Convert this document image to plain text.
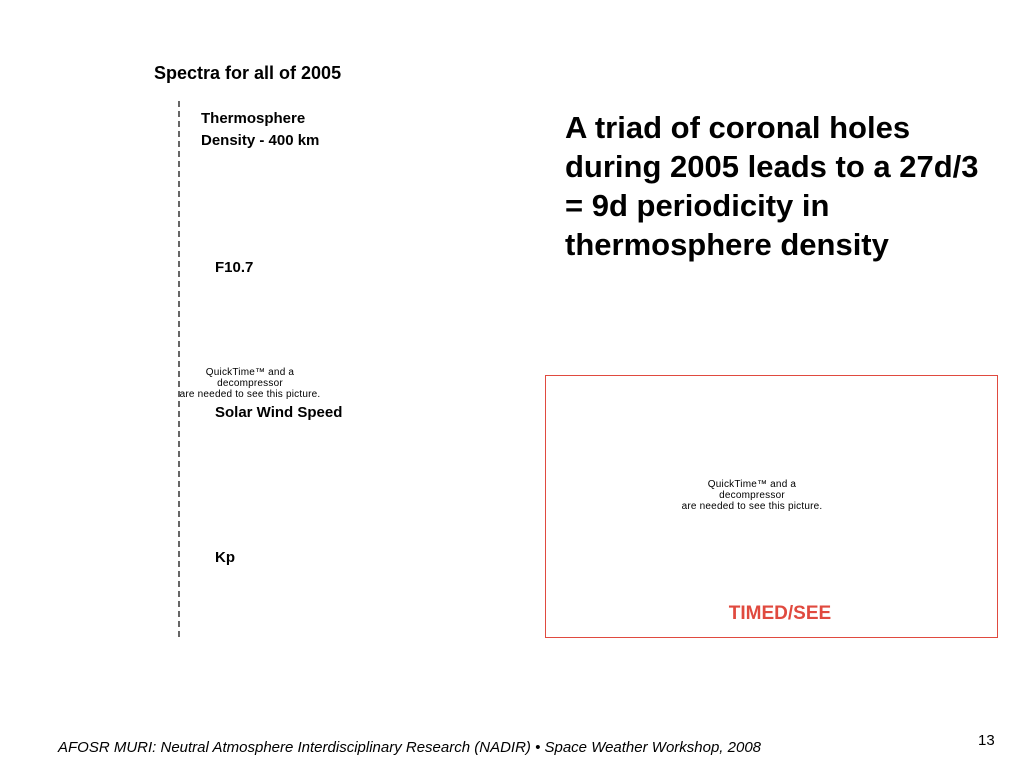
Spectra for all of 2005
Thermosphere
Density - 400 km
F10.7
Solar Wind Speed
Kp
QuickTime™ and a
decompressor
are needed to see this picture.
A triad of coronal holes during 2005 leads to a 27d/3 = 9d periodicity in thermosphere density
QuickTime™ and a
decompressor
are needed to see this picture.
TIMED/SEE
AFOSR MURI: Neutral Atmosphere Interdisciplinary Research (NADIR) • Space Weather Workshop, 2008	13
